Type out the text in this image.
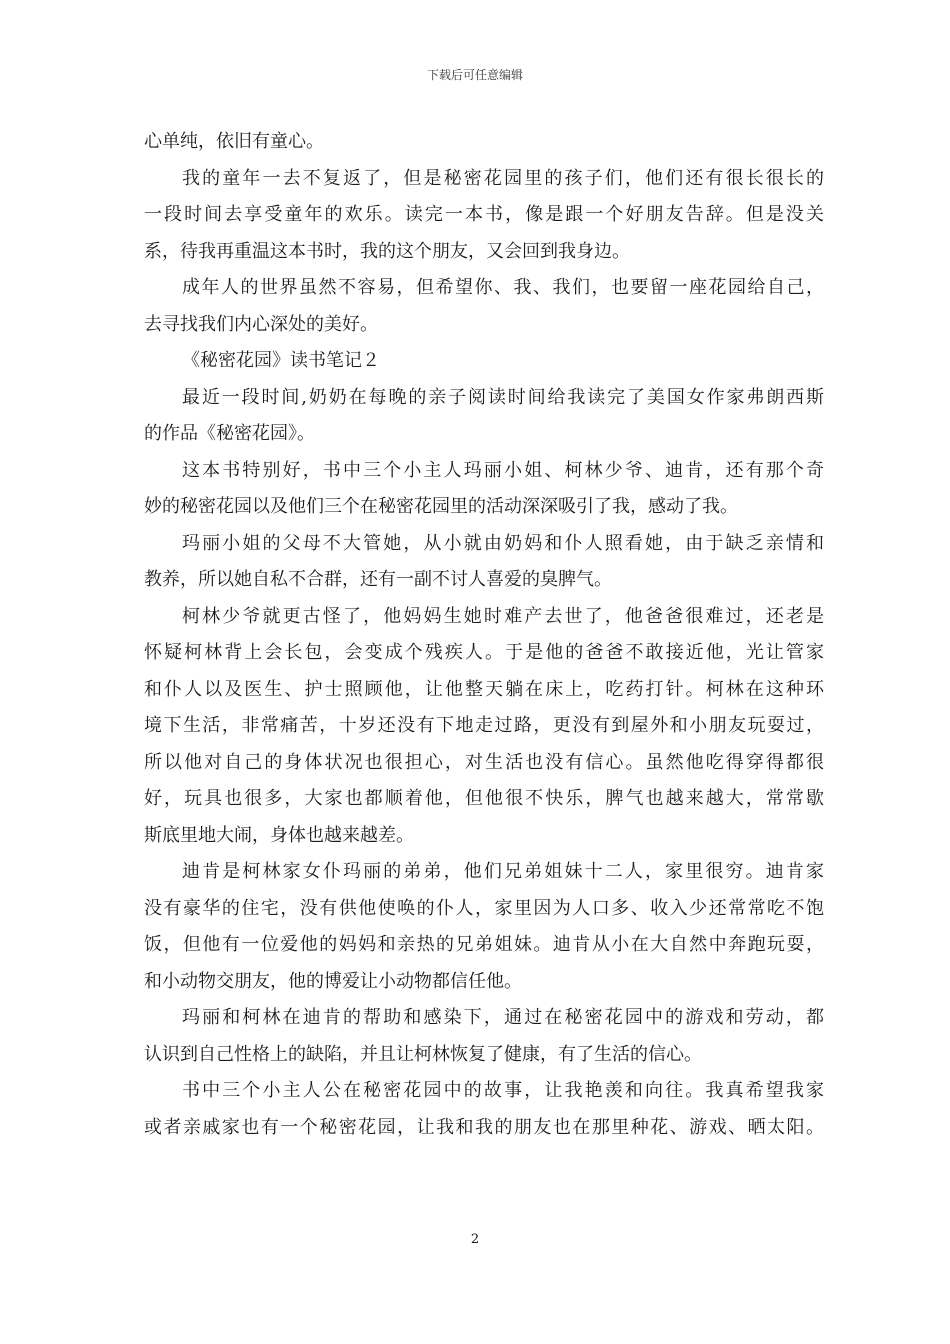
下载后可任意编辑
心单纯，依旧有童心。
我的童年一去不复返了，但是秘密花园里的孩子们，他们还有很长很长的
一段时间去享受童年的欢乐。读完一本书，像是跟一个好朋友告辞。但是没关
系，待我再重温这本书时，我的这个朋友，又会回到我身边。
成年人的世界虽然不容易，但希望你、我、我们，也要留一座花园给自己，
去寻找我们内心深处的美好。
《秘密花园》读书笔记２
最近一段时间,奶奶在每晚的亲子阅读时间给我读完了美国女作家弗朗西斯
的作品《秘密花园》。
这本书特别好，书中三个小主人玛丽小姐、柯林少爷、迪肯，还有那个奇
妙的秘密花园以及他们三个在秘密花园里的活动深深吸引了我，感动了我。
玛丽小姐的父母不大管她，从小就由奶妈和仆人照看她，由于缺乏亲情和
教养，所以她自私不合群，还有一副不讨人喜爱的臭脾气。
柯林少爷就更古怪了，他妈妈生她时难产去世了，他爸爸很难过，还老是
怀疑柯林背上会长包，会变成个残疾人。于是他的爸爸不敢接近他，光让管家
和仆人以及医生、护士照顾他，让他整天躺在床上，吃药打针。柯林在这种环
境下生活，非常痛苦，十岁还没有下地走过路，更没有到屋外和小朋友玩耍过，
所以他对自己的身体状况也很担心，对生活也没有信心。虽然他吃得穿得都很
好，玩具也很多，大家也都顺着他，但他很不快乐，脾气也越来越大，常常歇
斯底里地大闹，身体也越来越差。
迪肯是柯林家女仆玛丽的弟弟，他们兄弟姐妹十二人，家里很穷。迪肯家
没有豪华的住宅，没有供他使唤的仆人，家里因为人口多、收入少还常常吃不饱
饭，但他有一位爱他的妈妈和亲热的兄弟姐妹。迪肯从小在大自然中奔跑玩耍，
和小动物交朋友，他的博爱让小动物都信任他。
玛丽和柯林在迪肯的帮助和感染下，通过在秘密花园中的游戏和劳动，都
认识到自己性格上的缺陷，并且让柯林恢复了健康，有了生活的信心。
书中三个小主人公在秘密花园中的故事，让我艳羡和向往。我真希望我家
或者亲戚家也有一个秘密花园，让我和我的朋友也在那里种花、游戏、晒太阳。
2
